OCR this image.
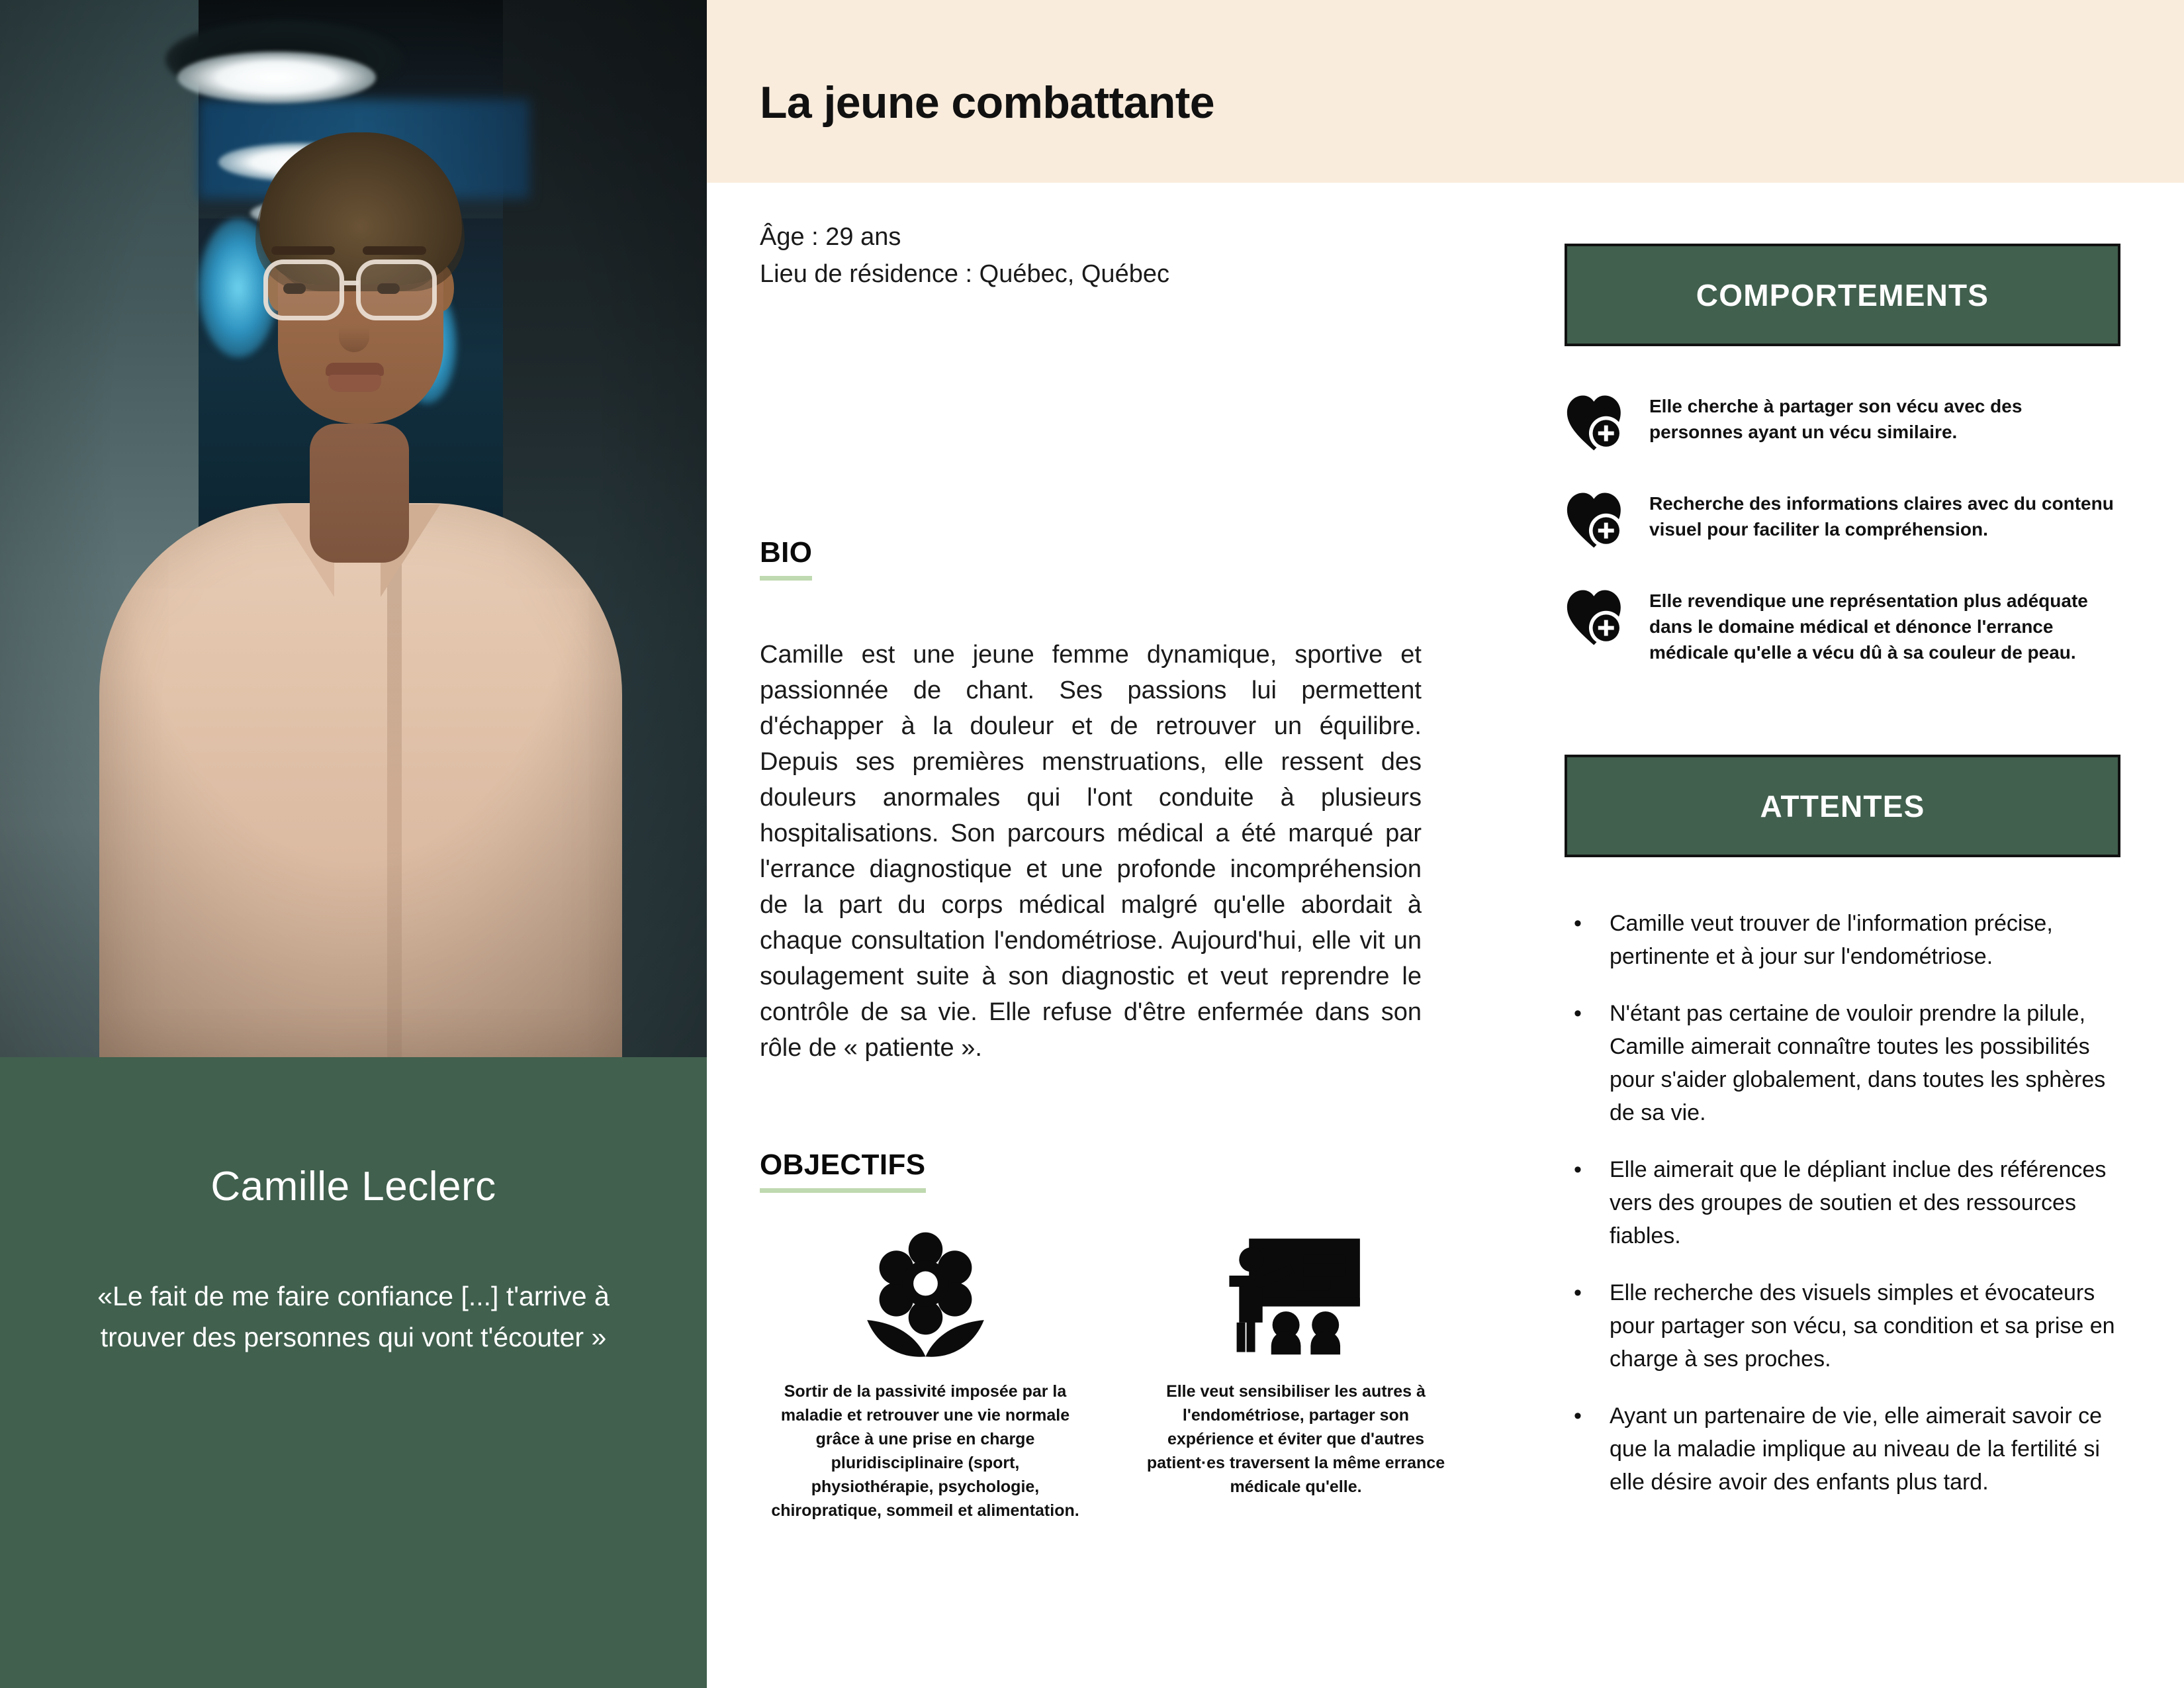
Camille Leclerc
«Le fait de me faire confiance [...] t'arrive à trouver des personnes qui vont t'écouter »
La jeune combattante
Âge : 29 ans
Lieu de résidence : Québec, Québec
BIO
Camille est une jeune femme dynamique, sportive et passionnée de chant. Ses passions lui permettent d'échapper à la douleur et de retrouver un équilibre. Depuis ses premières menstruations, elle ressent des douleurs anormales qui l'ont conduite à plusieurs hospitalisations. Son parcours médical a été marqué par l'errance diagnostique et une profonde incompréhension de la part du corps médical malgré qu'elle abordait à chaque consultation l'endométriose. Aujourd'hui, elle vit un soulagement suite à son diagnostic et veut reprendre le contrôle de sa vie. Elle refuse d'être enfermée dans son rôle de « patiente ».
OBJECTIFS
Sortir de la passivité imposée par la maladie et retrouver une vie normale grâce à une prise en charge pluridisciplinaire (sport, physiothérapie, psychologie, chiropratique, sommeil et alimentation.
Elle veut sensibiliser les autres à l'endométriose, partager son expérience et éviter que d'autres patient·es traversent la même errance médicale qu'elle.
COMPORTEMENTS
Elle cherche à partager son vécu avec des personnes ayant un vécu similaire.
Recherche des informations claires avec du contenu visuel pour faciliter la compréhension.
Elle revendique une représentation plus adéquate dans le domaine médical et dénonce l'errance médicale qu'elle a vécu dû à sa couleur de peau.
ATTENTES
•	Camille veut trouver de l'information précise, pertinente et à jour sur l'endométriose.
•	N'étant pas certaine de vouloir prendre la pilule, Camille aimerait connaître toutes les possibilités pour s'aider globalement, dans toutes les sphères de sa vie.
•	Elle aimerait que le dépliant inclue des références vers des groupes de soutien et des ressources fiables.
•	Elle recherche des visuels simples et évocateurs pour partager son vécu, sa condition et sa prise en charge à ses proches.
•	Ayant un partenaire de vie, elle aimerait savoir ce que la maladie implique au niveau de la fertilité si elle désire avoir des enfants plus tard.
